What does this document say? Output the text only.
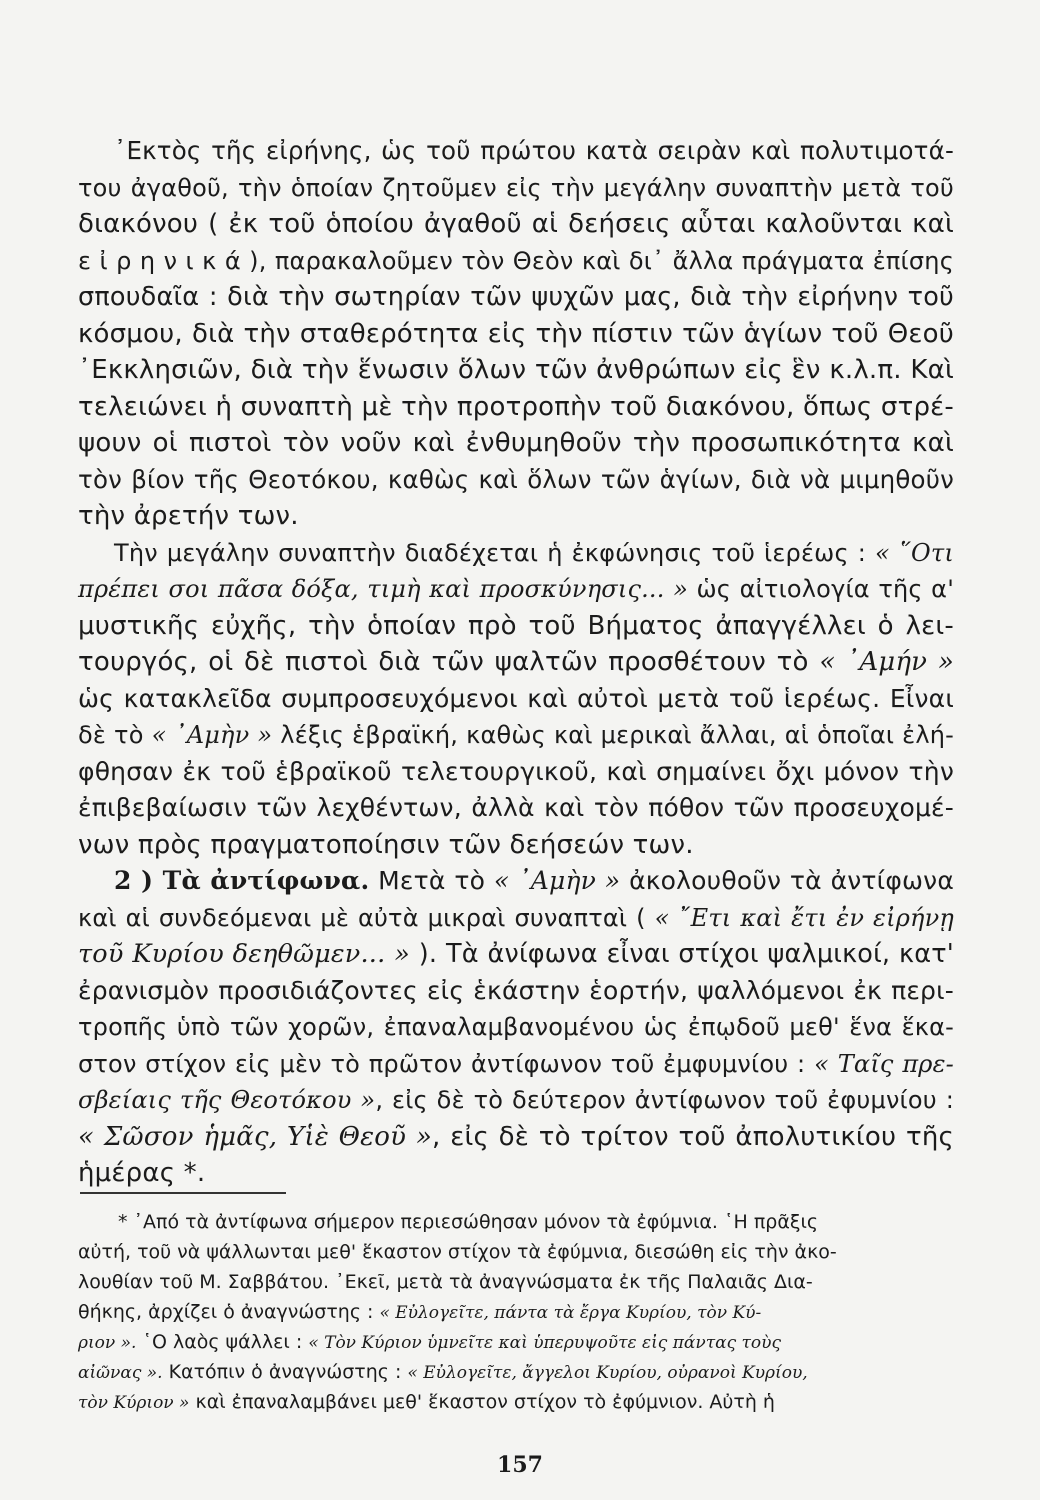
᾿Εκτὸς τῆς εἰρήνης, ὡς τοῦ πρώτου κατὰ σειρὰν καὶ πολυτιμοτά-
του ἀγαθοῦ, τὴν ὁποίαν ζητοῦμεν εἰς τὴν μεγάλην συναπτὴν μετὰ τοῦ
διακόνου ( ἐκ τοῦ ὁποίου ἀγαθοῦ αἱ δεήσεις αὗται καλοῦνται καὶ
ε ἰ ρ η ν ι κ ά ), παρακαλοῦμεν τὸν Θεὸν καὶ δι᾿ ἄλλα πράγματα ἐπίσης
σπουδαῖα : διὰ τὴν σωτηρίαν τῶν ψυχῶν μας, διὰ τὴν εἰρήνην τοῦ
κόσμου, διὰ τὴν σταθερότητα εἰς τὴν πίστιν τῶν ἁγίων τοῦ Θεοῦ
᾿Εκκλησιῶν, διὰ τὴν ἕνωσιν ὅλων τῶν ἀνθρώπων εἰς ἓν κ.λ.π. Καὶ
τελειώνει ἡ συναπτὴ μὲ τὴν προτροπὴν τοῦ διακόνου, ὅπως στρέ-
ψουν οἱ πιστοὶ τὸν νοῦν καὶ ἐνθυμηθοῦν τὴν προσωπικότητα καὶ
τὸν βίον τῆς Θεοτόκου, καθὼς καὶ ὅλων τῶν ἁγίων, διὰ νὰ μιμηθοῦν
τὴν ἀρετήν των.
Τὴν μεγάλην συναπτὴν διαδέχεται ἡ ἐκφώνησις τοῦ ἱερέως : « ῞Οτι
πρέπει σοι πᾶσα δόξα, τιμὴ καὶ προσκύνησις... » ὡς αἰτιολογία τῆς α'
μυστικῆς εὐχῆς, τὴν ὁποίαν πρὸ τοῦ Βήματος ἀπαγγέλλει ὁ λει-
τουργός, οἱ δὲ πιστοὶ διὰ τῶν ψαλτῶν προσθέτουν τὸ « ᾿Αμήν »
ὡς κατακλεῖδα συμπροσευχόμενοι καὶ αὐτοὶ μετὰ τοῦ ἱερέως. Εἶναι
δὲ τὸ « ᾿Αμὴν » λέξις ἑβραϊκή, καθὼς καὶ μερικαὶ ἄλλαι, αἱ ὁποῖαι ἐλή-
φθησαν ἐκ τοῦ ἑβραϊκοῦ τελετουργικοῦ, καὶ σημαίνει ὄχι μόνον τὴν
ἐπιβεβαίωσιν τῶν λεχθέντων, ἀλλὰ καὶ τὸν πόθον τῶν προσευχομέ-
νων πρὸς πραγματοποίησιν τῶν δεήσεών των.
2 ) Τὰ ἀντίφωνα. Μετὰ τὸ « ᾿Αμὴν » ἀκολουθοῦν τὰ ἀντίφωνα
καὶ αἱ συνδεόμεναι μὲ αὐτὰ μικραὶ συναπταὶ ( « ῎Ετι καὶ ἔτι ἐν εἰρήνῃ
τοῦ Κυρίου δεηθῶμεν... » ). Τὰ ἀνίφωνα εἶναι στίχοι ψαλμικοί, κατ'
ἐρανισμὸν προσιδιάζοντες εἰς ἑκάστην ἑορτήν, ψαλλόμενοι ἐκ περι-
τροπῆς ὑπὸ τῶν χορῶν, ἐπαναλαμβανομένου ὡς ἐπῳδοῦ μεθ' ἕνα ἕκα-
στον στίχον εἰς μὲν τὸ πρῶτον ἀντίφωνον τοῦ ἐμφυμνίου : « Ταῖς πρε-
σβείαις τῆς Θεοτόκου », εἰς δὲ τὸ δεύτερον ἀντίφωνον τοῦ ἐφυμνίου :
« Σῶσον ἡμᾶς, Υἱὲ Θεοῦ », εἰς δὲ τὸ τρίτον τοῦ ἀπολυτικίου τῆς
ἡμέρας *.
* ᾿Από τὰ ἀντίφωνα σήμερον περιεσώθησαν μόνον τὰ ἐφύμνια. ῾Η πρᾶξις
αὐτή, τοῦ νὰ ψάλλωνται μεθ' ἕκαστον στίχον τὰ ἐφύμνια, διεσώθη εἰς τὴν ἀκο-
λουθίαν τοῦ Μ. Σαββάτου. ᾿Εκεῖ, μετὰ τὰ ἀναγνώσματα ἐκ τῆς Παλαιᾶς Δια-
θήκης, ἀρχίζει ὁ ἀναγνώστης : « Εὐλογεῖτε, πάντα τὰ ἔργα Κυρίου, τὸν Κύ-
ριον ». ῾Ο λαὸς ψάλλει : « Τὸν Κύριον ὑμνεῖτε καὶ ὑπερυψοῦτε εἰς πάντας τοὺς
αἰῶνας ». Κατόπιν ὁ ἀναγνώστης : « Εὐλογεῖτε, ἄγγελοι Κυρίου, οὐρανοὶ Κυρίου,
τὸν Κύριον » καὶ ἐπαναλαμβάνει μεθ' ἕκαστον στίχον τὸ ἐφύμνιον. Αὐτὴ ἡ
157
